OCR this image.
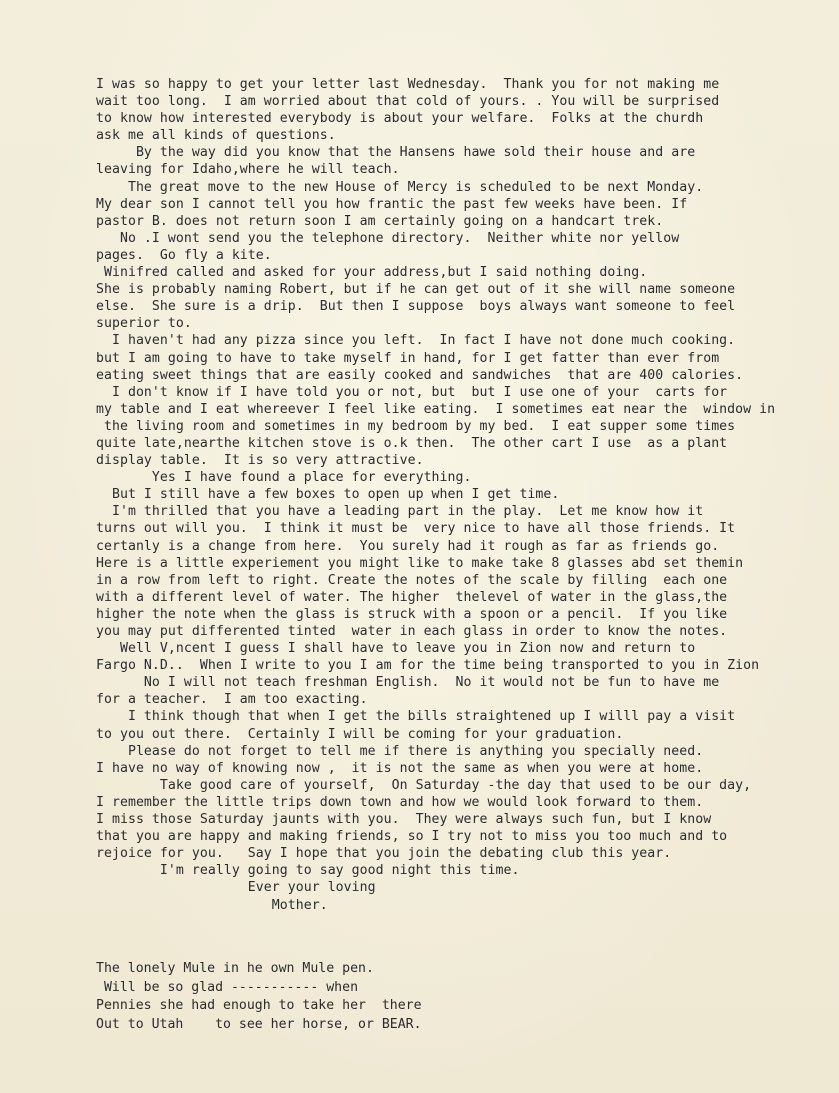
I was so happy to get your letter last Wednesday.  Thank you for not making me
wait too long.  I am worried about that cold of yours. . You will be surprised
to know how interested everybody is about your welfare.  Folks at the churdh
ask me all kinds of questions.
By the way did you know that the Hansens hawe sold their house and are
leaving for Idaho,where he will teach.
The great move to the new House of Mercy is scheduled to be next Monday.
My dear son I cannot tell you how frantic the past few weeks have been. If
pastor B. does not return soon I am certainly going on a handcart trek.
No .I wont send you the telephone directory.  Neither white nor yellow
pages.  Go fly a kite.
Winifred called and asked for your address,but I said nothing doing.
She is probably naming Robert, but if he can get out of it she will name someone
else.  She sure is a drip.  But then I suppose  boys always want someone to feel
superior to.
I haven't had any pizza since you left.  In fact I have not done much cooking.
but I am going to have to take myself in hand, for I get fatter than ever from
eating sweet things that are easily cooked and sandwiches  that are 400 calories.
I don't know if I have told you or not, but  but I use one of your  carts for
my table and I eat whereever I feel like eating.  I sometimes eat near the  window in
the living room and sometimes in my bedroom by my bed.  I eat supper some times
quite late,nearthe kitchen stove is o.k then.  The other cart I use  as a plant
display table.  It is so very attractive.
Yes I have found a place for everything.
But I still have a few boxes to open up when I get time.
I'm thrilled that you have a leading part in the play.  Let me know how it
turns out will you.  I think it must be  very nice to have all those friends. It
certanly is a change from here.  You surely had it rough as far as friends go.
Here is a little experiement you might like to make take 8 glasses abd set themin
in a row from left to right. Create the notes of the scale by filling  each one
with a different level of water. The higher  thelevel of water in the glass,the
higher the note when the glass is struck with a spoon or a pencil.  If you like
you may put differented tinted  water in each glass in order to know the notes.
Well V,ncent I guess I shall have to leave you in Zion now and return to
Fargo N.D..  When I write to you I am for the time being transported to you in Zion
No I will not teach freshman English.  No it would not be fun to have me
for a teacher.  I am too exacting.
I think though that when I get the bills straightened up I willl pay a visit
to you out there.  Certainly I will be coming for your graduation.
Please do not forget to tell me if there is anything you specially need.
I have no way of knowing now ,  it is not the same as when you were at home.
Take good care of yourself,  On Saturday -the day that used to be our day,
I remember the little trips down town and how we would look forward to them.
I miss those Saturday jaunts with you.  They were always such fun, but I know
that you are happy and making friends, so I try not to miss you too much and to
rejoice for you.   Say I hope that you join the debating club this year.
I'm really going to say good night this time.
Ever your loving
Mother.
The lonely Mule in he own Mule pen.
Will be so glad ----------- when
Pennies she had enough to take her  there
Out to Utah    to see her horse, or BEAR.
